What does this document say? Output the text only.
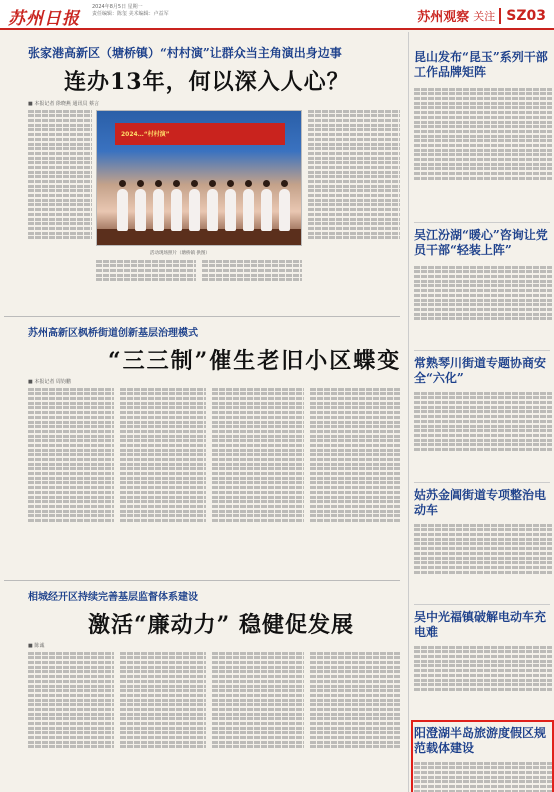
苏州日报
2024年8月5日 星期一
责任编辑：陈玺 美术编辑：卢益军	苏州观察 关注 SZ03
张家港高新区（塘桥镇）“村村演”让群众当主角演出身边事
连办13年，何以深入人心？
■ 本报记者 徐晓燕 通讯员 蔡言
2024…“村村演”
活动现场照片（塘桥镇 供图）
苏州高新区枫桥街道创新基层治理模式
“三三制”催生老旧小区蝶变
■ 本报记者 周钧鹏
相城经开区持续完善基层监督体系建设
激活“廉动力” 稳健促发展
■ 陈诚
昆山发布“昆玉”系列干部工作品牌矩阵
吴江汾湖“暖心”咨询让党员干部“轻装上阵”
常熟琴川街道专题协商安全“六化”
姑苏金阊街道专项整治电动车
吴中光福镇破解电动车充电难
阳澄湖半岛旅游度假区规范载体建设
